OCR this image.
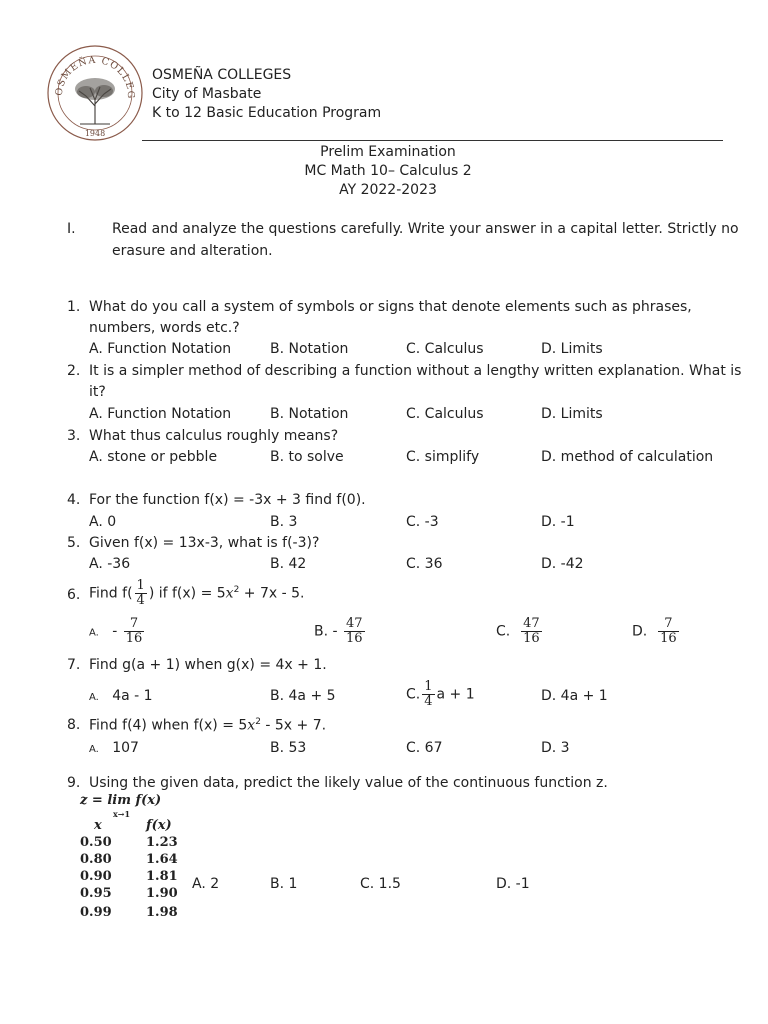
OSMEÑA COLLEG
1948
OSMEÑA COLLEGES
City of Masbate
K to 12 Basic Education Program
Prelim Examination
MC Math 10– Calculus 2
AY 2022-2023
I.	Read and analyze the questions carefully. Write your answer in a capital letter. Strictly no
erasure and alteration.
1. What do you call a system of symbols or signs that denote elements such as phrases,
numbers, words etc.?
A. Function Notation	B. Notation	C. Calculus	D. Limits
2. It is a simpler method of describing a function without a lengthy written explanation. What is
it?
A. Function Notation	B. Notation	C. Calculus	D. Limits
3. What thus calculus roughly means?
A. stone or pebble	B. to solve	C. simplify	D. method of calculation
4. For the function f(x) = -3x + 3 find f(0).
A. 0	B. 3	C. -3	D. -1
5. Given f(x) = 13x-3, what is f(-3)?
A. -36	B. 42	C. 36	D. -42
6. Find $f( \frac{1}{4}$ ) if $f(x) = 5x^2 + 7x - 5$.
A. - $\frac{7}{16}$	B. - $\frac{47}{16}$	C. $\frac{47}{16}$	D. $\frac{7}{16}$
7. Find g(a + 1) when g(x) = 4x + 1.
A. 4a - 1	B. 4a + 5	C. $\frac{1}{4}$ a + 1	D. 4a + 1
8. Find f(4) when $f(x) = 5x^2 - 5x + 7$.
A. 107	B. 53	C. 67	D. 3
9. Using the given data, predict the likely value of the continuous function z.
z = lim f(x)
x→1
x	f(x)
0.50	1.23
0.80	1.64
0.90	1.81
0.95	1.90
0.99	1.98
A. 2	B. 1	C. 1.5	D. -1
